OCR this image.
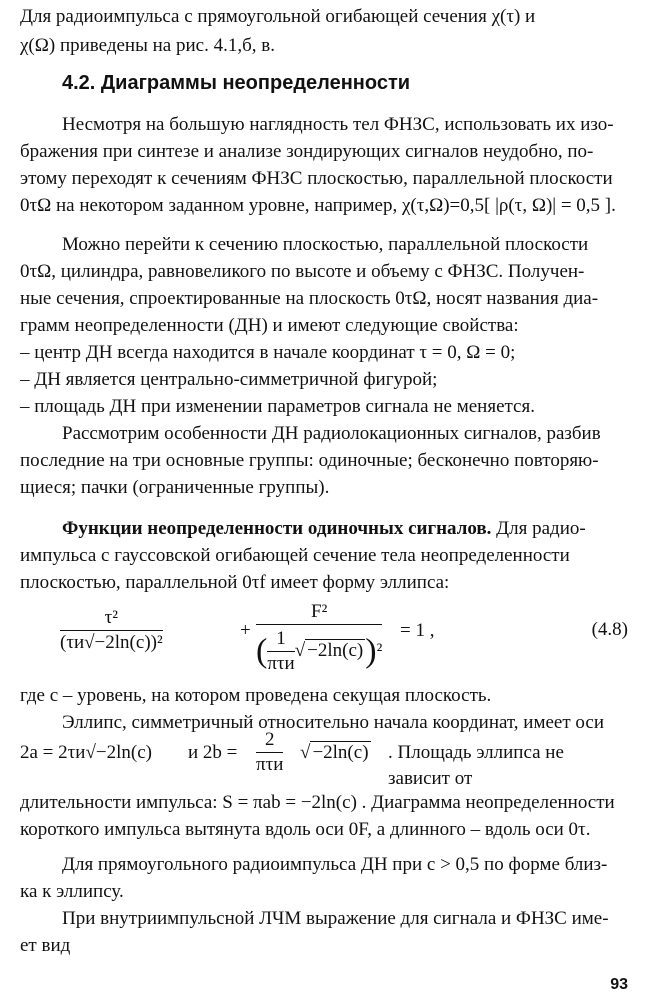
Для радиоимпульса с прямоугольной огибающей сечения χ(τ) и

χ(Ω) приведены на рис. 4.1,б, в.

4.2. Диаграммы неопределенности

Несмотря на большую наглядность тел ФНЗС, использовать их изо-

бражения при синтезе и анализе зондирующих сигналов неудобно, по-

этому переходят к сечениям ФНЗС плоскостью, параллельной плоскости

0τΩ на некотором заданном уровне, например, χ(τ,Ω)=0,5[ |ρ(τ, Ω)| = 0,5 ].

Можно перейти к сечению плоскостью, параллельной плоскости

0τΩ, цилиндра, равновеликого по высоте и объему с ФНЗС. Получен-

ные сечения, спроектированные на плоскость 0τΩ, носят названия диа-

грамм неопределенности (ДН) и имеют следующие свойства:

– центр ДН всегда находится в начале координат τ = 0, Ω = 0;

– ДН является центрально-симметричной фигурой;

– площадь ДН при изменении параметров сигнала не меняется.

Рассмотрим особенности ДН радиолокационных сигналов, разбив

последние на три основные группы: одиночные; бесконечно повторяю-

щиеся; пачки (ограниченные группы).

Функции неопределенности одиночных сигналов. Для радио-

импульса с гауссовской огибающей сечение тела неопределенности

плоскостью, параллельной 0τf имеет форму эллипса:

τ²
(τи√−2ln(c))²
+
F²
( $\frac{1}{\text{πτи}}$ √ −2ln(c))²
= 1 ,	(4.8)

где c – уровень, на котором проведена секущая плоскость.

Эллипс, симметричный относительно начала координат, имеет оси

2a = 2τи√−2ln(c) и 2b =
2
πτи
√ −2ln(c) . Площадь эллипса не зависит от

длительности импульса: S = πab = −2ln(c) . Диаграмма неопределенности

короткого импульса вытянута вдоль оси 0F, а длинного – вдоль оси 0τ.

Для прямоугольного радиоимпульса ДН при c > 0,5 по форме близ-

ка к эллипсу.

При внутриимпульсной ЛЧМ выражение для сигнала и ФНЗС име-

ет вид

93
